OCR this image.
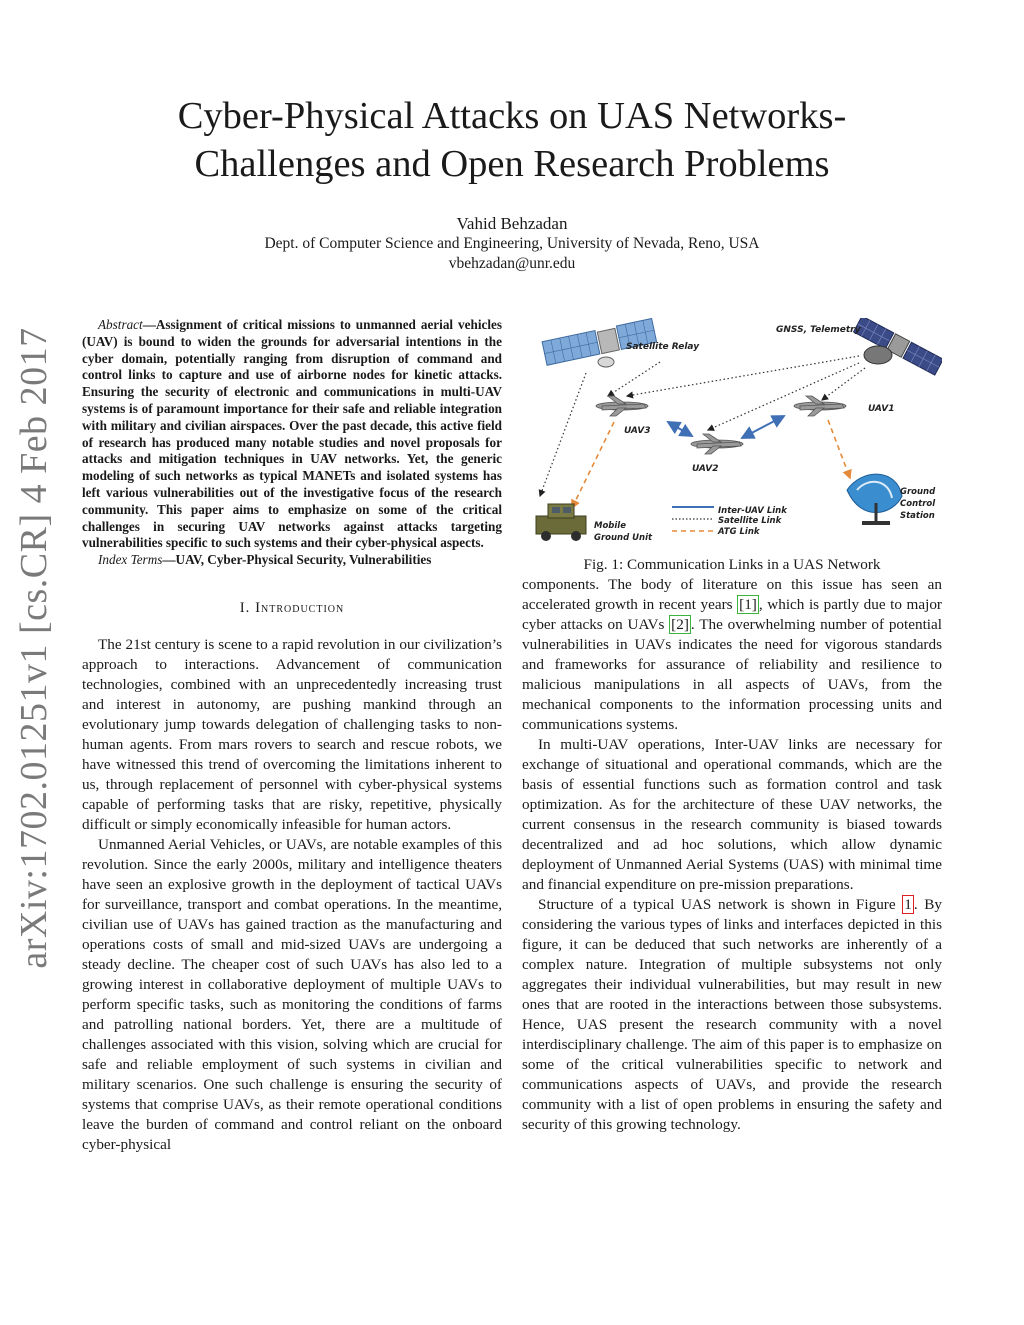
arXiv:1702.01251v1 [cs.CR] 4 Feb 2017
Cyber-Physical Attacks on UAS Networks-
Challenges and Open Research Problems
Vahid Behzadan
Dept. of Computer Science and Engineering, University of Nevada, Reno, USA
vbehzadan@unr.edu

Abstract—Assignment of critical missions to unmanned aerial vehicles (UAV) is bound to widen the grounds for adversarial intentions in the cyber domain, potentially ranging from disruption of command and control links to capture and use of airborne nodes for kinetic attacks. Ensuring the security of electronic and communications in multi-UAV systems is of paramount importance for their safe and reliable integration with military and civilian airspaces. Over the past decade, this active field of research has produced many notable studies and novel proposals for attacks and mitigation techniques in UAV networks. Yet, the generic modeling of such networks as typical MANETs and isolated systems has left various vulnerabilities out of the investigative focus of the research community. This paper aims to emphasize on some of the critical challenges in securing UAV networks against attacks targeting vulnerabilities specific to such systems and their cyber-physical aspects.

Index Terms—UAV, Cyber-Physical Security, Vulnerabilities

I. Introduction

The 21st century is scene to a rapid revolution in our civilization’s approach to interactions. Advancement of communication technologies, combined with an unprecedentedly increasing trust and interest in autonomy, are pushing mankind through an evolutionary jump towards delegation of challenging tasks to non-human agents. From mars rovers to search and rescue robots, we have witnessed this trend of overcoming the limitations inherent to us, through replacement of personnel with cyber-physical systems capable of performing tasks that are risky, repetitive, physically difficult or simply economically infeasible for human actors.

Unmanned Aerial Vehicles, or UAVs, are notable examples of this revolution. Since the early 2000s, military and intelligence theaters have seen an explosive growth in the deployment of tactical UAVs for surveillance, transport and combat operations. In the meantime, civilian use of UAVs has gained traction as the manufacturing and operations costs of small and mid-sized UAVs are undergoing a steady decline. The cheaper cost of such UAVs has also led to a growing interest in collaborative deployment of multiple UAVs to perform specific tasks, such as monitoring the conditions of farms and patrolling national borders. Yet, there are a multitude of challenges associated with this vision, solving which are crucial for safe and reliable employment of such systems in civilian and military scenarios. One such challenge is ensuring the security of systems that comprise UAVs, as their remote operational conditions leave the burden of command and control reliant on the onboard cyber-physical

Satellite Relay
GNSS, Telemetry
UAV1
UAV2
UAV3
Ground
Control
Station
Mobile
Ground Unit
Inter-UAV Link
Satellite Link
ATG Link
Fig. 1: Communication Links in a UAS Network

components. The body of literature on this issue has seen an accelerated growth in recent years [1] , which is partly due to major cyber attacks on UAVs [2] . The overwhelming number of potential vulnerabilities in UAVs indicates the need for vigorous standards and frameworks for assurance of reliability and resilience to malicious manipulations in all aspects of UAVs, from the mechanical components to the information processing units and communications systems.

In multi-UAV operations, Inter-UAV links are necessary for exchange of situational and operational commands, which are the basis of essential functions such as formation control and task optimization. As for the architecture of these UAV networks, the current consensus in the research community is biased towards decentralized and ad hoc solutions, which allow dynamic deployment of Unmanned Aerial Systems (UAS) with minimal time and financial expenditure on pre-mission preparations.

Structure of a typical UAS network is shown in Figure 1 . By considering the various types of links and interfaces depicted in this figure, it can be deduced that such networks are inherently of a complex nature. Integration of multiple subsystems not only aggregates their individual vulnerabilities, but may result in new ones that are rooted in the interactions between those subsystems. Hence, UAS present the research community with a novel interdisciplinary challenge. The aim of this paper is to emphasize on some of the critical vulnerabilities specific to network and communications aspects of UAVs, and provide the research community with a list of open problems in ensuring the safety and security of this growing technology.
